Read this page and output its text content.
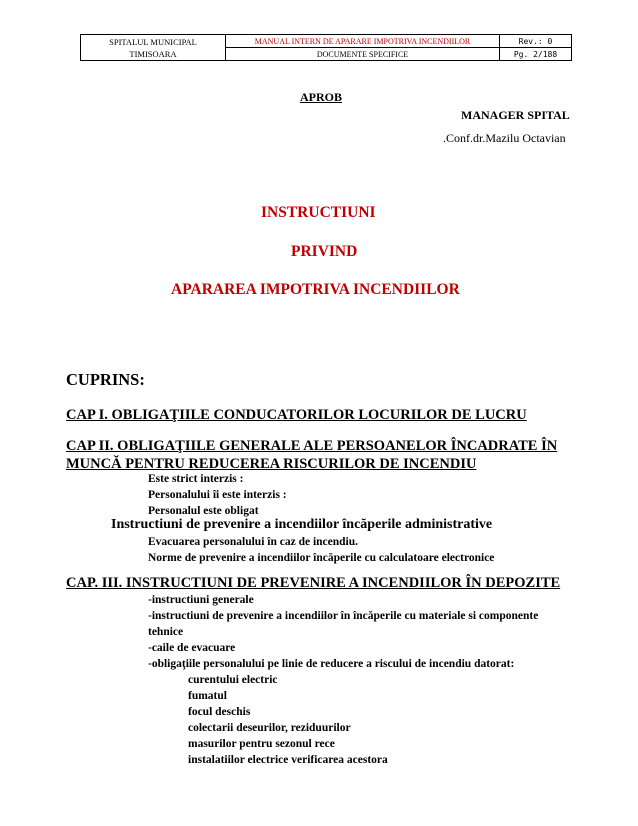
SPITALUL MUNICIPAL
TIMISOARA
MANUAL INTERN DE APARARE IMPOTRIVA INCENDIILOR
DOCUMENTE SPECIFICE
Rev.: 0
Pg. 2/188
APROB
MANAGER SPITAL
.Conf.dr.Mazilu Octavian
INSTRUCTIUNI
PRIVIND
APARAREA IMPOTRIVA INCENDIILOR
CUPRINS:
CAP I. OBLIGAŢIILE CONDUCATORILOR LOCURILOR DE LUCRU
CAP II. OBLIGAŢIILE GENERALE ALE PERSOANELOR ÎNCADRATE ÎN
MUNCĂ PENTRU REDUCEREA RISCURILOR DE INCENDIU
Este strict interzis :
Personalului îi este interzis :
Personalul este obligat
Instructiuni de prevenire a incendiilor încăperile administrative
Evacuarea personalului în caz de incendiu.
Norme de prevenire a incendiilor încăperile cu calculatoare electronice
CAP. III. INSTRUCTIUNI DE PREVENIRE A INCENDIILOR ÎN DEPOZITE
-instructiuni generale
-instructiuni de prevenire a incendiilor în încăperile cu materiale si componente
tehnice
-caile de evacuare
-obligaţiile personalului pe linie de reducere a riscului de incendiu datorat:
curentului electric
fumatul
focul deschis
colectarii deseurilor, reziduurilor
masurilor pentru sezonul rece
instalatiilor electrice verificarea acestora
